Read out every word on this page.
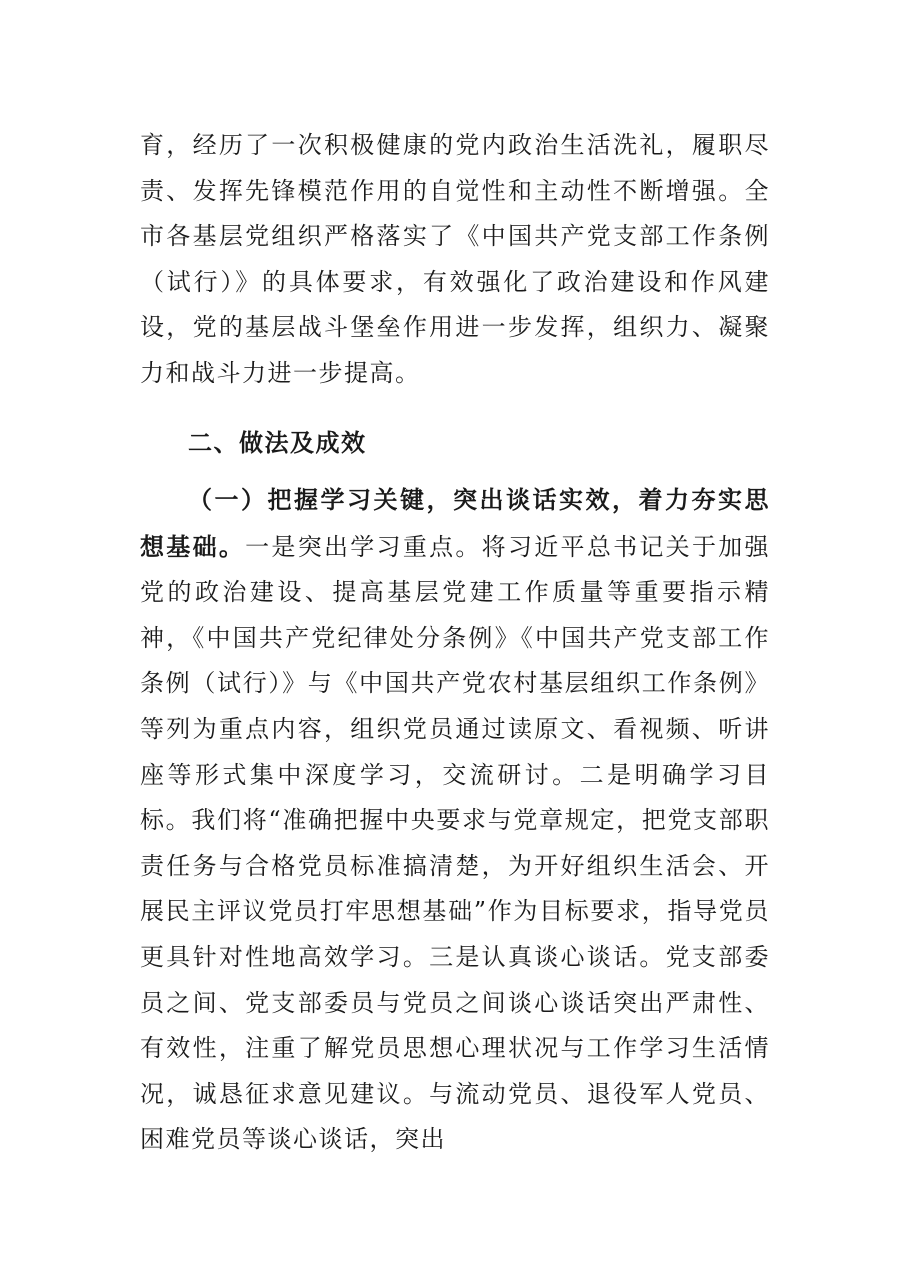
育，经历了一次积极健康的党内政治生活洗礼，履职尽责、发挥先锋模范作用的自觉性和主动性不断增强。全市各基层党组织严格落实了《中国共产党支部工作条例（试行）》的具体要求，有效强化了政治建设和作风建设，党的基层战斗堡垒作用进一步发挥，组织力、凝聚力和战斗力进一步提高。

二、做法及成效

（一）把握学习关键，突出谈话实效，着力夯实思想基础。一是突出学习重点。将习近平总书记关于加强党的政治建设、提高基层党建工作质量等重要指示精神，《中国共产党纪律处分条例》《中国共产党支部工作条例（试行）》与《中国共产党农村基层组织工作条例》等列为重点内容，组织党员通过读原文、看视频、听讲座等形式集中深度学习，交流研讨。二是明确学习目标。我们将“准确把握中央要求与党章规定，把党支部职责任务与合格党员标准搞清楚，为开好组织生活会、开展民主评议党员打牢思想基础”作为目标要求，指导党员更具针对性地高效学习。三是认真谈心谈话。党支部委员之间、党支部委员与党员之间谈心谈话突出严肃性、有效性，注重了解党员思想心理状况与工作学习生活情况，诚恳征求意见建议。与流动党员、退役军人党员、困难党员等谈心谈话，突出
